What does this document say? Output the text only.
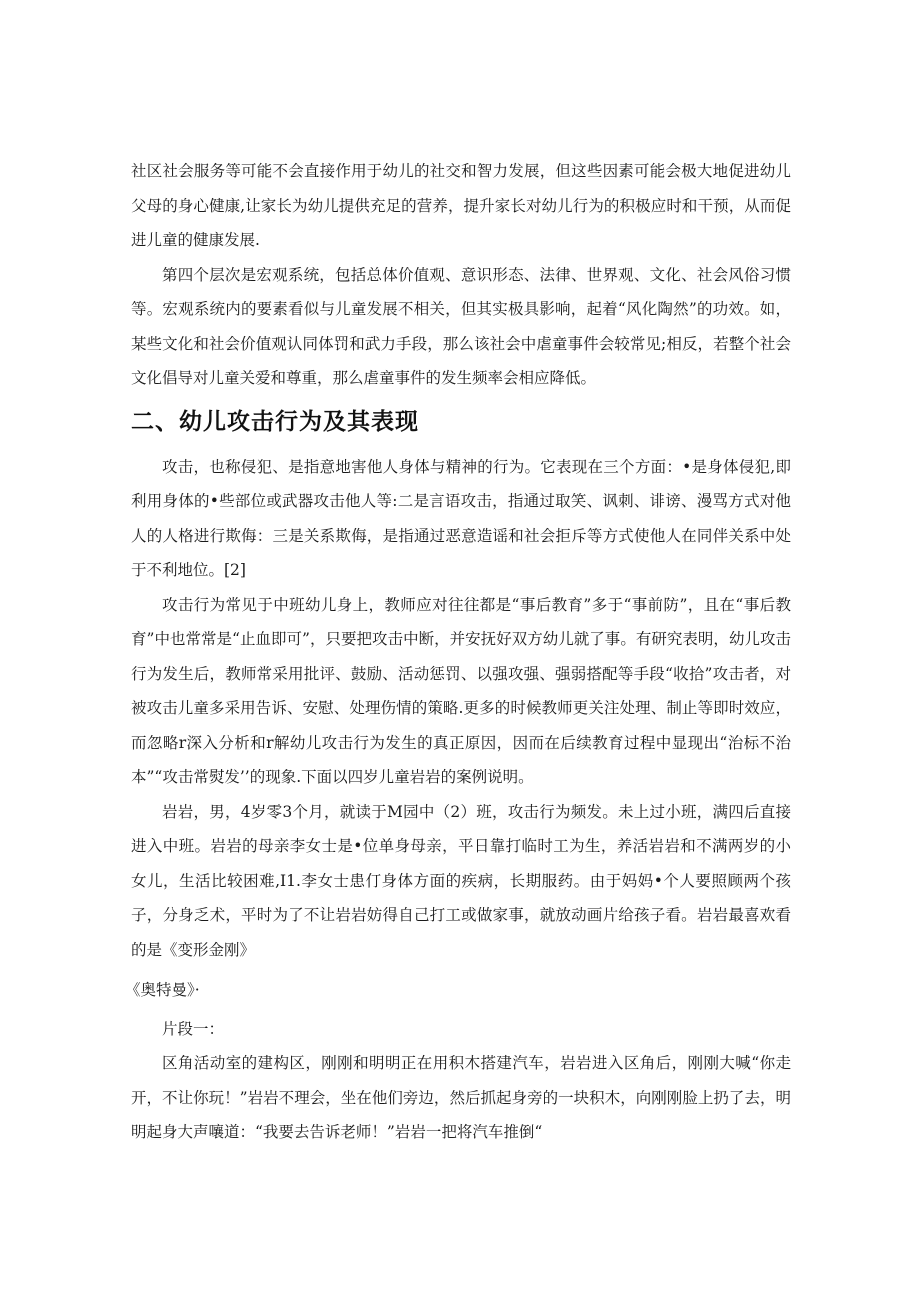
社区社会服务等可能不会直接作用于幼儿的社交和智力发展，但这些因素可能会极大地促进幼儿父母的身心健康,让家长为幼儿提供充足的营养，提升家长对幼儿行为的积极应时和干预，从而促进儿童的健康发展.

第四个层次是宏观系统，包括总体价值观、意识形态、法律、世界观、文化、社会风俗习惯等。宏观系统内的要素看似与儿童发展不相关，但其实极具影响，起着“风化陶然”的功效。如，某些文化和社会价值观认同体罚和武力手段，那么该社会中虐童事件会较常见;相反，若整个社会文化倡导对儿童关爱和尊重，那么虐童事件的发生频率会相应降低。

二、幼儿攻击行为及其表现

攻击，也称侵犯、是指意地害他人身体与精神的行为。它表现在三个方面：•是身体侵犯,即利用身体的•些部位或武器攻击他人等:二是言语攻击，指通过取笑、讽刺、诽谤、漫骂方式对他人的人格进行欺侮：三是关系欺侮，是指通过恶意造谣和社会拒斥等方式使他人在同伴关系中处于不利地位。[2]

攻击行为常见于中班幼儿身上，教师应对往往都是“事后教育”多于“事前防”，且在“事后教育”中也常常是“止血即可”，只要把攻击中断，并安抚好双方幼儿就了事。有研究表明，幼儿攻击行为发生后，教师常采用批评、鼓励、活动惩罚、以强攻强、强弱搭配等手段“收拾”攻击者，对被攻击儿童多采用告诉、安慰、处理伤情的策略.更多的时候教师更关注处理、制止等即时效应，而忽略r深入分析和r解幼儿攻击行为发生的真正原因，因而在后续教育过程中显现出“治标不治本”“攻击常熨发’’的现象.下面以四岁儿童岩岩的案例说明。

岩岩，男，4岁零3个月，就读于M园中（2）班，攻击行为频发。未上过小班，满四后直接进入中班。岩岩的母亲李女士是•位单身母亲，平日靠打临时工为生，养活岩岩和不满两岁的小女儿，生活比较困难,I1.李女士患仃身体方面的疾病，长期服药。由于妈妈•个人要照顾两个孩子，分身乏术，平时为了不让岩岩妨得自己打工或做家事，就放动画片给孩子看。岩岩最喜欢看的是《变形金刚》

《奥特曼》·

片段一：

区角活动室的建构区，刚刚和明明正在用积木搭建汽车，岩岩进入区角后，刚刚大喊“你走开，不让你玩！”岩岩不理会，坐在他们旁边，然后抓起身旁的一块积木，向刚刚脸上扔了去，明明起身大声嚷道：“我要去告诉老师！”岩岩一把将汽车推倒“
